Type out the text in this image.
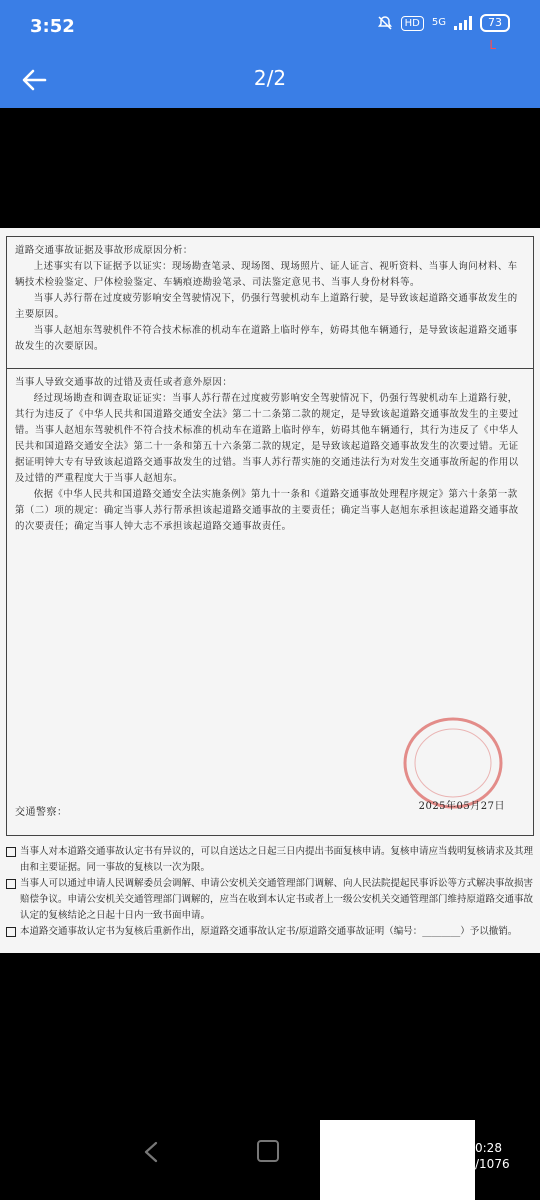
3:52	HD	5G	73
L
2/2

道路交通事故证据及事故形成原因分析：

上述事实有以下证据予以证实：现场勘查笔录、现场图、现场照片、证人证言、视听资料、当事人询问材料、车辆技术检验鉴定、尸体检验鉴定、车辆痕迹勘验笔录、司法鉴定意见书、当事人身份材料等。

当事人苏行帮在过度疲劳影响安全驾驶情况下，仍强行驾驶机动车上道路行驶，是导致该起道路交通事故发生的主要原因。

当事人赵旭东驾驶机件不符合技术标准的机动车在道路上临时停车，妨碍其他车辆通行，是导致该起道路交通事故发生的次要原因。

当事人导致交通事故的过错及责任或者意外原因：

经过现场勘查和调查取证证实：当事人苏行帮在过度疲劳影响安全驾驶情况下，仍强行驾驶机动车上道路行驶，其行为违反了《中华人民共和国道路交通安全法》第二十二条第二款的规定，是导致该起道路交通事故发生的主要过错。当事人赵旭东驾驶机件不符合技术标准的机动车在道路上临时停车，妨碍其他车辆通行，其行为违反了《中华人民共和国道路交通安全法》第二十一条和第五十六条第二款的规定，是导致该起道路交通事故发生的次要过错。无证据证明钟大专有导致该起道路交通事故发生的过错。当事人苏行帮实施的交通违法行为对发生交通事故所起的作用以及过错的严重程度大于当事人赵旭东。

依据《中华人民共和国道路交通安全法实施条例》第九十一条和《道路交通事故处理程序规定》第六十条第一款第（二）项的规定：确定当事人苏行帮承担该起道路交通事故的主要责任；确定当事人赵旭东承担该起道路交通事故的次要责任；确定当事人钟大志不承担该起道路交通事故责任。

交通警察：
2025年05月27日
当事人对本道路交通事故认定书有异议的，可以自送达之日起三日内提出书面复核申请。复核申请应当载明复核请求及其理由和主要证据。同一事故的复核以一次为限。
当事人可以通过申请人民调解委员会调解、申请公安机关交通管理部门调解、向人民法院提起民事诉讼等方式解决事故损害赔偿争议。申请公安机关交通管理部门调解的，应当在收到本认定书或者上一级公安机关交通管理部门维持原道路交通事故认定的复核结论之日起十日内一致书面申请。
本道路交通事故认定书为复核后重新作出，原道路交通事故认定书/原道路交通事故证明（编号：________）予以撤销。
0:28
/1076
